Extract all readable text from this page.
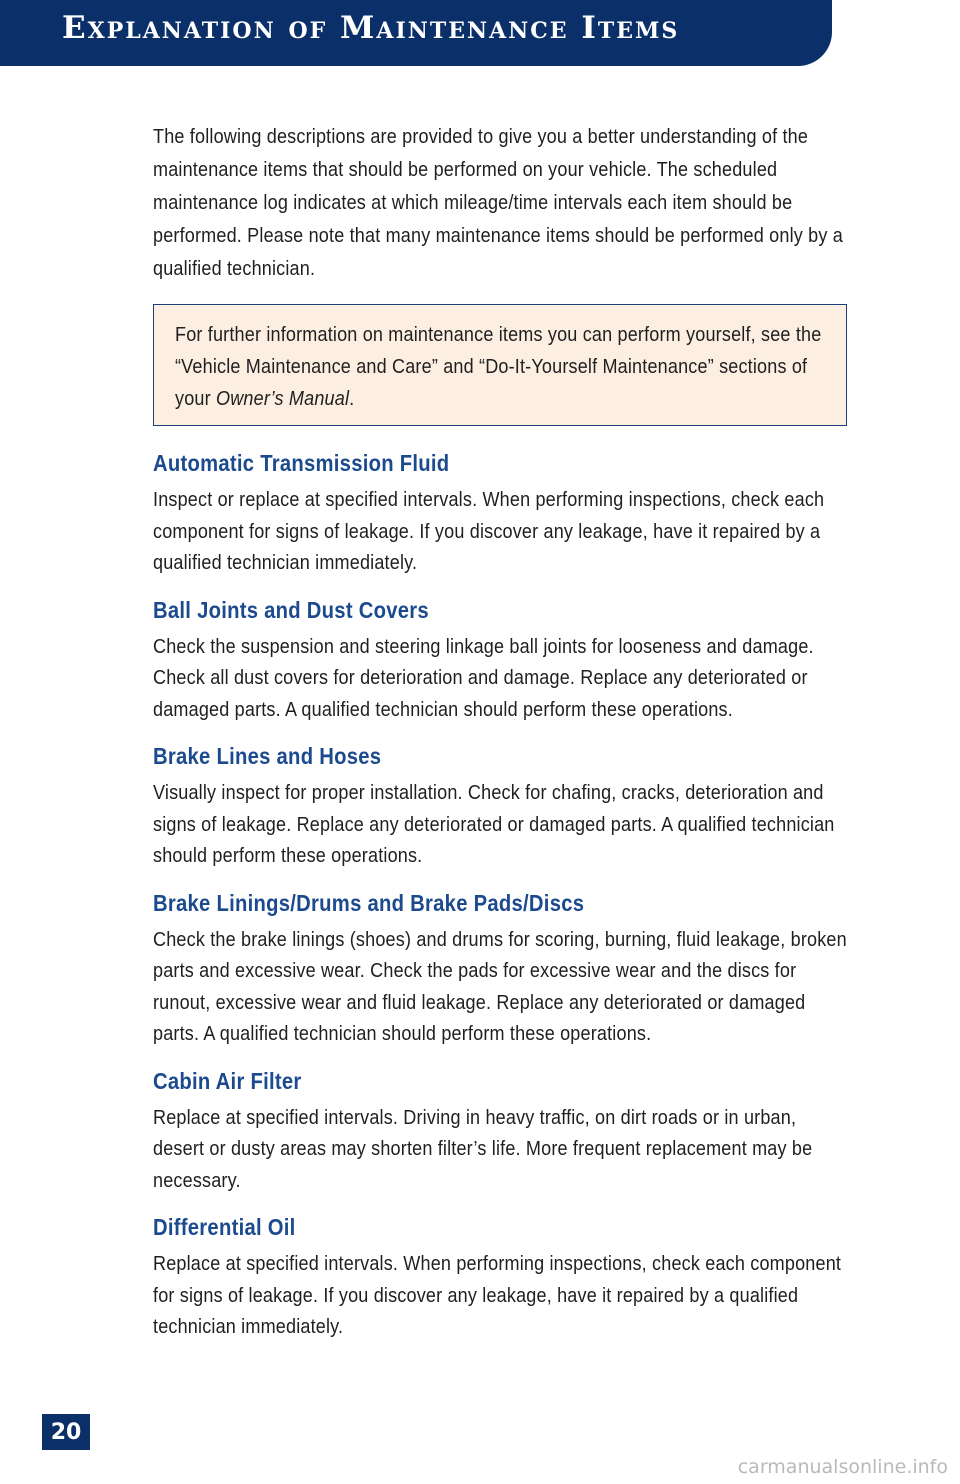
Explanation of Maintenance Items

The following descriptions are provided to give you a better understanding of the maintenance items that should be performed on your vehicle. The scheduled maintenance log indicates at which mileage/time intervals each item should be performed. Please note that many maintenance items should be performed only by a qualified technician.

For further information on maintenance items you can perform yourself, see the “Vehicle Maintenance and Care” and “Do-It-Yourself Maintenance” sections of your Owner’s Manual.

Automatic Transmission Fluid

Inspect or replace at specified intervals. When performing inspections, check each component for signs of leakage. If you discover any leakage, have it repaired by a qualified technician immediately.

Ball Joints and Dust Covers

Check the suspension and steering linkage ball joints for looseness and damage. Check all dust covers for deterioration and damage. Replace any deteriorated or damaged parts. A qualified technician should perform these operations.

Brake Lines and Hoses

Visually inspect for proper installation. Check for chafing, cracks, deterioration and signs of leakage. Replace any deteriorated or damaged parts. A qualified technician should perform these operations.

Brake Linings/Drums and Brake Pads/Discs

Check the brake linings (shoes) and drums for scoring, burning, fluid leakage, broken parts and excessive wear. Check the pads for excessive wear and the discs for runout, excessive wear and fluid leakage. Replace any deteriorated or damaged parts. A qualified technician should perform these operations.

Cabin Air Filter

Replace at specified intervals. Driving in heavy traffic, on dirt roads or in urban, desert or dusty areas may shorten filter’s life. More frequent replacement may be necessary.

Differential Oil

Replace at specified intervals. When performing inspections, check each component for signs of leakage. If you discover any leakage, have it repaired by a qualified technician immediately.

20
carmanualsonline.info
